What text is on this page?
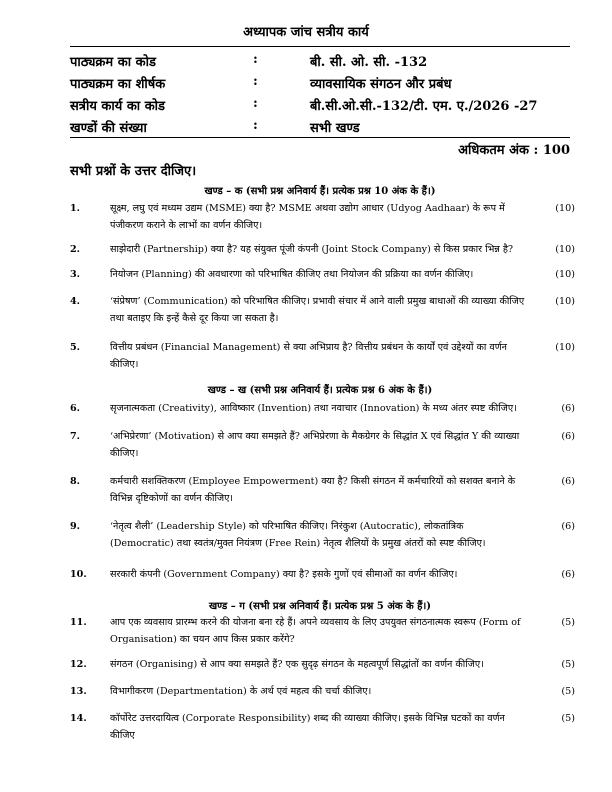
अध्यापक जांच सत्रीय कार्य
पाठ्यक्रम का कोड	:	बी. सी. ओ. सी. -132
पाठ्यक्रम का शीर्षक	:	व्यावसायिक संगठन और प्रबंध
सत्रीय कार्य का कोड	:	बी.सी.ओ.सी.-132/टी. एम. ए./2026 -27
खण्डों की संख्या	:	सभी खण्ड
अधिकतम अंक : 100
सभी प्रश्नों के उत्तर दीजिए।
खण्ड – क (सभी प्रश्न अनिवार्य हैं। प्रत्येक प्रश्न 10 अंक के हैं।)
1.	सूक्ष्म, लघु एवं मध्यम उद्यम (MSME) क्या है? MSME अथवा उद्योग आधार (Udyog Aadhaar) के रूप में पंजीकरण कराने के लाभों का वर्णन कीजिए।
(10)
2.	साझेदारी (Partnership) क्या है? यह संयुक्त पूंजी कंपनी (Joint Stock Company) से किस प्रकार भिन्न है?	(10)
3.	नियोजन (Planning) की अवधारणा को परिभाषित कीजिए तथा नियोजन की प्रक्रिया का वर्णन कीजिए।	(10)
4.	‘संप्रेषण’ (Communication) को परिभाषित कीजिए। प्रभावी संचार में आने वाली प्रमुख बाधाओं की व्याख्या कीजिए तथा बताइए कि इन्हें कैसे दूर किया जा सकता है।
(10)
5.	वित्तीय प्रबंधन (Financial Management) से क्या अभिप्राय है? वित्तीय प्रबंधन के कार्यों एवं उद्देश्यों का वर्णन कीजिए।
(10)
खण्ड – ख (सभी प्रश्न अनिवार्य हैं। प्रत्येक प्रश्न 6 अंक के हैं।)
6.	सृजनात्मकता (Creativity), आविष्कार (Invention) तथा नवाचार (Innovation) के मध्य अंतर स्पष्ट कीजिए।	(6)
7.	‘अभिप्रेरणा’ (Motivation) से आप क्या समझते हैं? अभिप्रेरणा के मैकग्रेगर के सिद्धांत X एवं सिद्धांत Y की व्याख्या कीजिए।
(6)
8.	कर्मचारी सशक्तिकरण (Employee Empowerment) क्या है? किसी संगठन में कर्मचारियों को सशक्त बनाने के विभिन्न दृष्टिकोणों का वर्णन कीजिए।
(6)
9.	‘नेतृत्व शैली’ (Leadership Style) को परिभाषित कीजिए। निरंकुश (Autocratic), लोकतांत्रिक (Democratic) तथा स्वतंत्र/मुक्त नियंत्रण (Free Rein) नेतृत्व शैलियों के प्रमुख अंतरों को स्पष्ट कीजिए।
(6)
10. सरकारी कंपनी (Government Company) क्या है? इसके गुणों एवं सीमाओं का वर्णन कीजिए।	(6)
खण्ड – ग (सभी प्रश्न अनिवार्य हैं। प्रत्येक प्रश्न 5 अंक के हैं।)
11. आप एक व्यवसाय प्रारम्भ करने की योजना बना रहे हैं। अपने व्यवसाय के लिए उपयुक्त संगठनात्मक स्वरूप (Form of Organisation) का चयन आप किस प्रकार करेंगे?
(5)
12. संगठन (Organising) से आप क्या समझते हैं? एक सुदृढ़ संगठन के महत्वपूर्ण सिद्धांतों का वर्णन कीजिए।	(5)
13. विभागीकरण (Departmentation) के अर्थ एवं महत्व की चर्चा कीजिए।	(5)
14. कॉर्पोरेट उत्तरदायित्व (Corporate Responsibility) शब्द की व्याख्या कीजिए। इसके विभिन्न घटकों का वर्णन कीजिए
(5)
